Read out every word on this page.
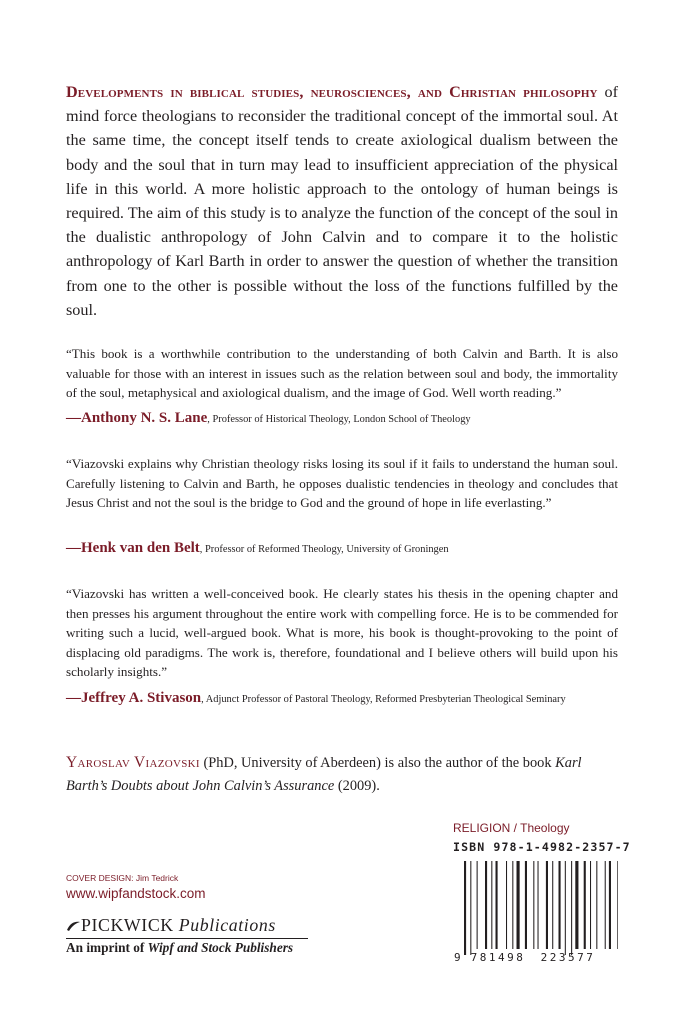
Developments in biblical studies, neurosciences, and Christian philosophy of mind force theologians to reconsider the traditional concept of the immortal soul. At the same time, the concept itself tends to create axiological dualism between the body and the soul that in turn may lead to insufficient appreciation of the physical life in this world. A more holistic approach to the ontology of human beings is required. The aim of this study is to analyze the function of the concept of the soul in the dualistic anthropology of John Calvin and to compare it to the holistic anthropology of Karl Barth in order to answer the question of whether the transition from one to the other is possible without the loss of the functions fulfilled by the soul.

“This book is a worthwhile contribution to the understanding of both Calvin and Barth. It is also valuable for those with an interest in issues such as the relation between soul and body, the immortality of the soul, metaphysical and axiological dualism, and the image of God. Well worth reading.”

—Anthony N. S. Lane, Professor of Historical Theology, London School of Theology

“Viazovski explains why Christian theology risks losing its soul if it fails to understand the human soul. Carefully listening to Calvin and Barth, he opposes dualistic tendencies in theology and concludes that Jesus Christ and not the soul is the bridge to God and the ground of hope in life everlasting.”

—Henk van den Belt, Professor of Reformed Theology, University of Groningen

“Viazovski has written a well-conceived book. He clearly states his thesis in the opening chapter and then presses his argument throughout the entire work with compelling force. He is to be commended for writing such a lucid, well-argued book. What is more, his book is thought-provoking to the point of displacing old paradigms. The work is, therefore, foundational and I believe others will build upon his scholarly insights.”

—Jeffrey A. Stivason, Adjunct Professor of Pastoral Theology, Reformed Presbyterian Theological Seminary

Yaroslav Viazovski (PhD, University of Aberdeen) is also the author of the book Karl Barth’s Doubts about John Calvin’s Assurance (2009).

RELIGION / Theology
ISBN 978-1-4982-2357-7
9 781498 223577
COVER DESIGN: Jim Tedrick
www.wipfandstock.com
PICKWICK Publications
An imprint of Wipf and Stock Publishers
